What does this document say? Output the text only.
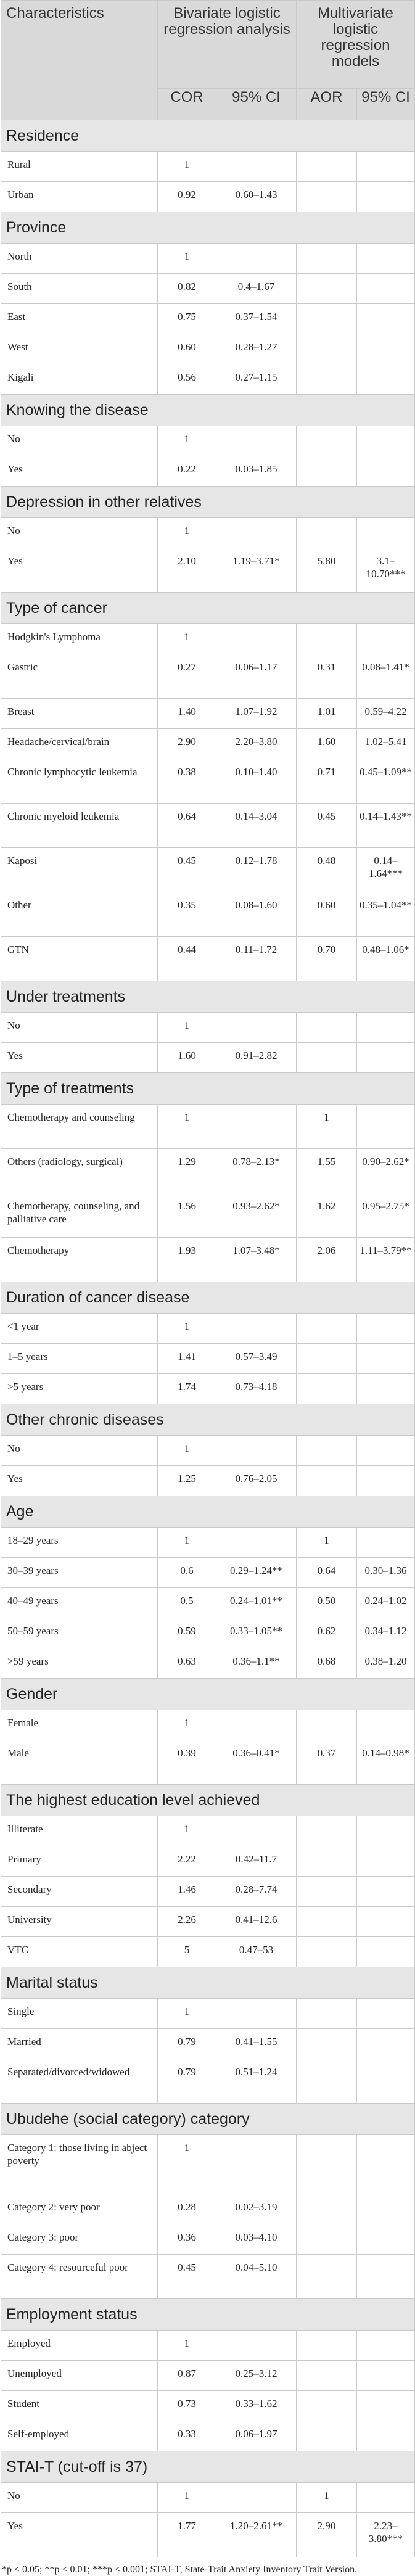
Characteristics	Bivariate logistic regression analysis		Multivariate logistic regression models	
	COR	95% CI	AOR	95% CI
Residence				
Rural	1			
Urban	0.92	0.60–1.43		
Province				
North	1			
South	0.82	0.4–1.67		
East	0.75	0.37–1.54		
West	0.60	0.28–1.27		
Kigali	0.56	0.27–1.15		
Knowing the disease				
No	1			
Yes	0.22	0.03–1.85		
Depression in other relatives				
No	1			
Yes	2.10	1.19–3.71*	5.80	3.1–10.70***
Type of cancer				
Hodgkin's Lymphoma	1			
Gastric	0.27	0.06–1.17	0.31	0.08–1.41*
Breast	1.40	1.07–1.92	1.01	0.59–4.22
Headache/cervical/brain	2.90	2.20–3.80	1.60	1.02–5.41
Chronic lymphocytic leukemia	0.38	0.10–1.40	0.71	0.45–1.09**
Chronic myeloid leukemia	0.64	0.14–3.04	0.45	0.14–1.43**
Kaposi	0.45	0.12–1.78	0.48	0.14–1.64***
Other	0.35	0.08–1.60	0.60	0.35–1.04**
GTN	0.44	0.11–1.72	0.70	0.48–1.06*
Under treatments				
No	1			
Yes	1.60	0.91–2.82		
Type of treatments				
Chemotherapy and counseling	1		1	
Others (radiology, surgical)	1.29	0.78–2.13*	1.55	0.90–2.62*
Chemotherapy, counseling, and palliative care	1.56	0.93–2.62*	1.62	0.95–2.75*
Chemotherapy	1.93	1.07–3.48*	2.06	1.11–3.79**
Duration of cancer disease				
<1 year	1			
1–5 years	1.41	0.57–3.49		
>5 years	1.74	0.73–4.18		
Other chronic diseases				
No	1			
Yes	1.25	0.76–2.05		
Age				
18–29 years	1		1	
30–39 years	0.6	0.29–1.24**	0.64	0.30–1.36
40–49 years	0.5	0.24–1.01**	0.50	0.24–1.02
50–59 years	0.59	0.33–1.05**	0.62	0.34–1.12
>59 years	0.63	0.36–1.1**	0.68	0.38–1.20
Gender				
Female	1			
Male	0.39	0.36–0.41*	0.37	0.14–0.98*
The highest education level achieved				
Illiterate	1			
Primary	2.22	0.42–11.7		
Secondary	1.46	0.28–7.74		
University	2.26	0.41–12.6		
VTC	5	0.47–53		
Marital status				
Single	1			
Married	0.79	0.41–1.55		
Separated/divorced/widowed	0.79	0.51–1.24		
Ubudehe (social category) category				
Category 1: those living in abject poverty	1			
Category 2: very poor	0.28	0.02–3.19		
Category 3: poor	0.36	0.03–4.10		
Category 4: resourceful poor	0.45	0.04–5.10		
Employment status				
Employed	1			
Unemployed	0.87	0.25–3.12		
Student	0.73	0.33–1.62		
Self-employed	0.33	0.06–1.97		
STAI-T (cut-off is 37)				
No	1		1	
Yes	1.77	1.20–2.61**	2.90	2.23–3.80***
*p < 0.05; **p < 0.01; ***p < 0.001; STAI-T, State-Trait Anxiety Inventory Trait Version.
